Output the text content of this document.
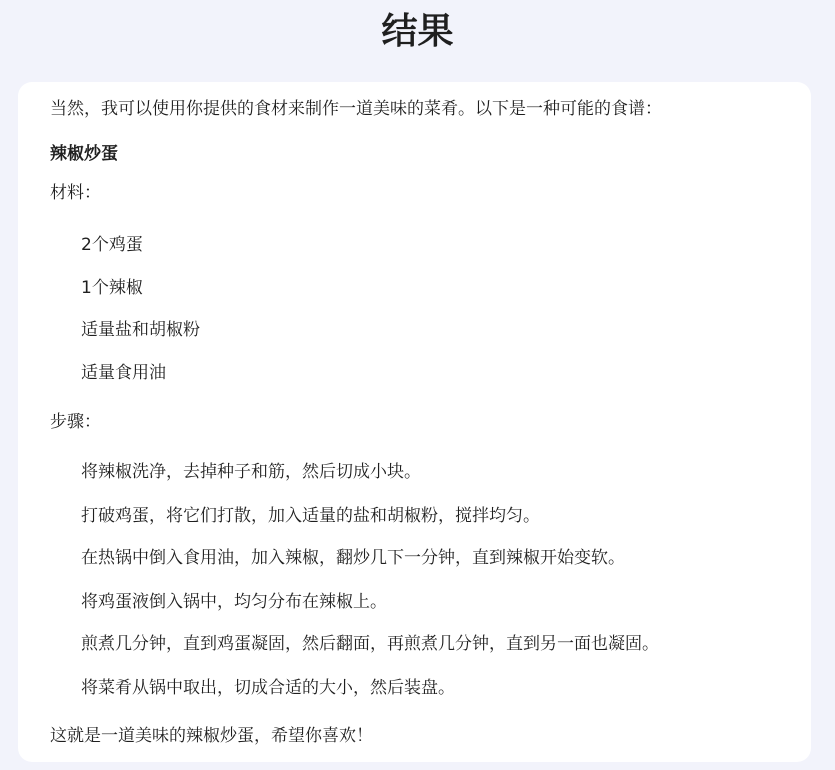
结果

当然，我可以使用你提供的食材来制作一道美味的菜肴。以下是一种可能的食谱：

辣椒炒蛋

材料：

2个鸡蛋

1个辣椒

适量盐和胡椒粉

适量食用油

步骤：

将辣椒洗净，去掉种子和筋，然后切成小块。

打破鸡蛋，将它们打散，加入适量的盐和胡椒粉，搅拌均匀。

在热锅中倒入食用油，加入辣椒，翻炒几下一分钟，直到辣椒开始变软。

将鸡蛋液倒入锅中，均匀分布在辣椒上。

煎煮几分钟，直到鸡蛋凝固，然后翻面，再煎煮几分钟，直到另一面也凝固。

将菜肴从锅中取出，切成合适的大小，然后装盘。

这就是一道美味的辣椒炒蛋，希望你喜欢！
